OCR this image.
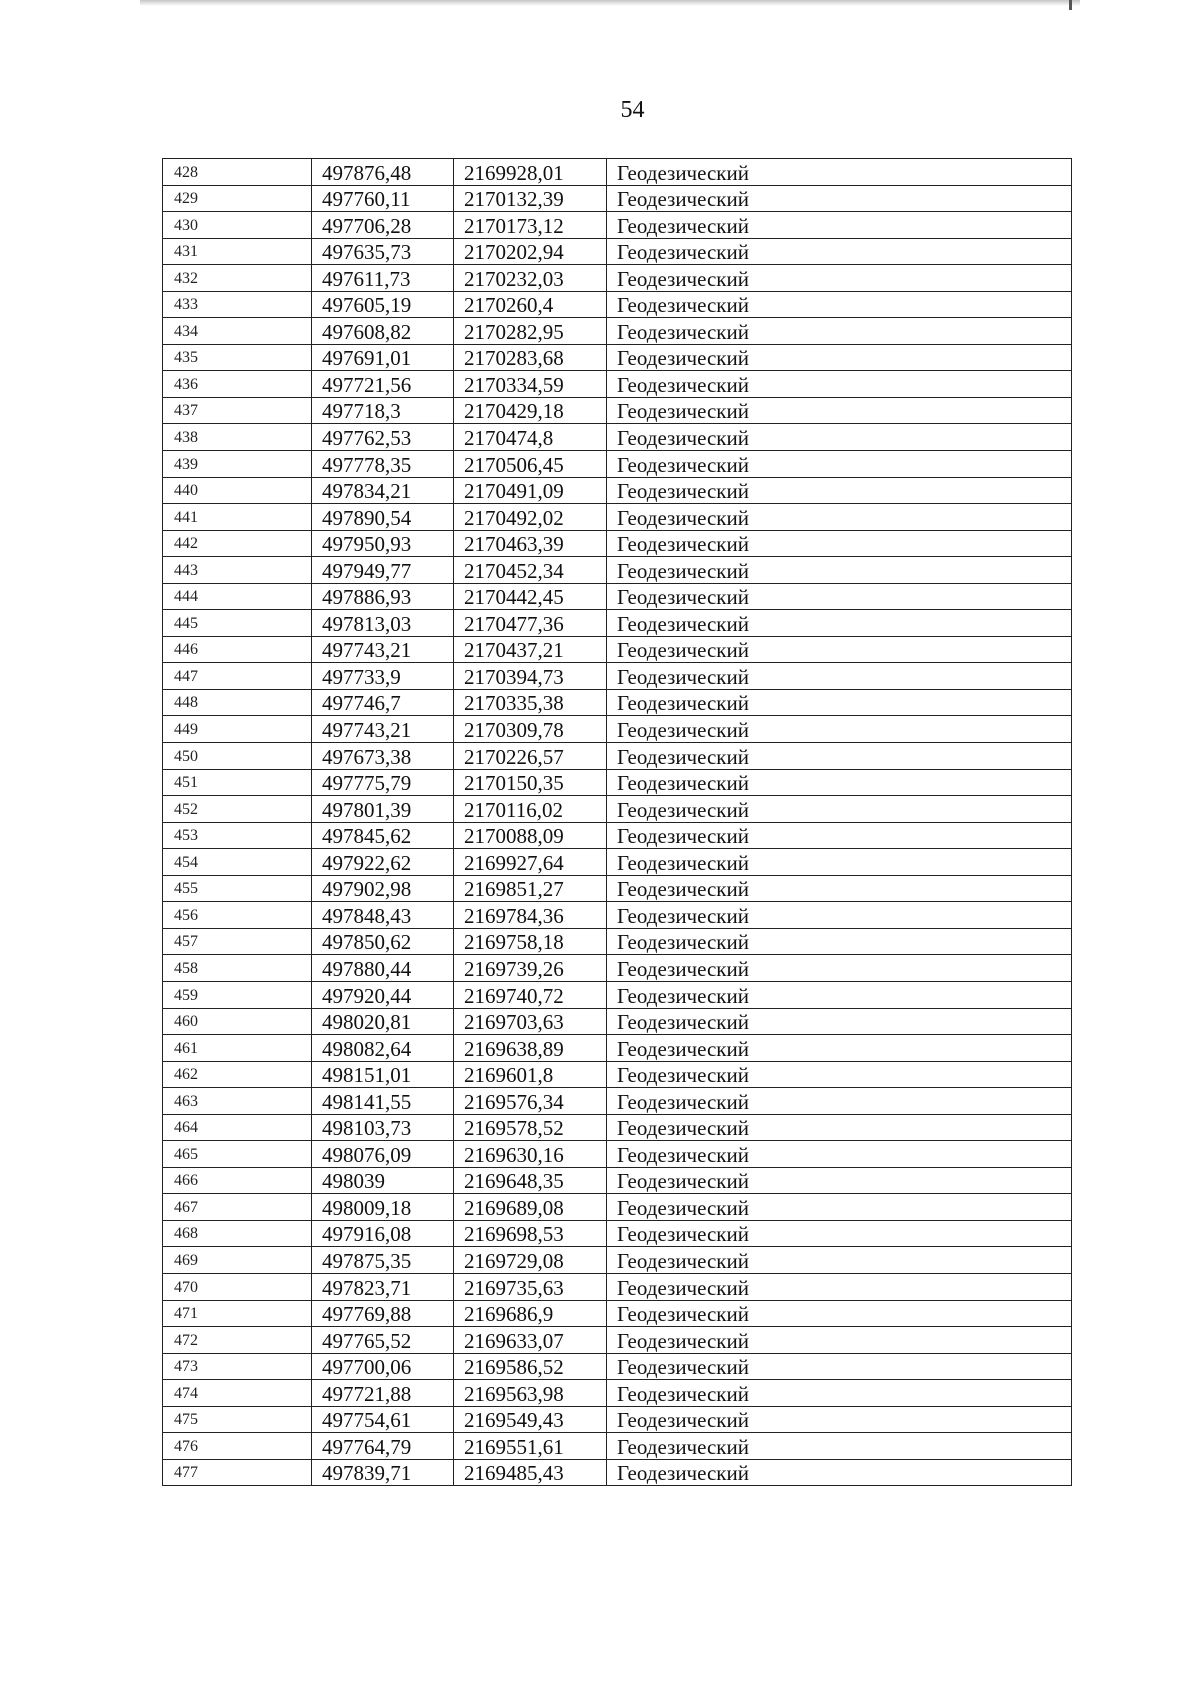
54
428	497876,48	2169928,01	Геодезический
429	497760,11	2170132,39	Геодезический
430	497706,28	2170173,12	Геодезический
431	497635,73	2170202,94	Геодезический
432	497611,73	2170232,03	Геодезический
433	497605,19	2170260,4	Геодезический
434	497608,82	2170282,95	Геодезический
435	497691,01	2170283,68	Геодезический
436	497721,56	2170334,59	Геодезический
437	497718,3	2170429,18	Геодезический
438	497762,53	2170474,8	Геодезический
439	497778,35	2170506,45	Геодезический
440	497834,21	2170491,09	Геодезический
441	497890,54	2170492,02	Геодезический
442	497950,93	2170463,39	Геодезический
443	497949,77	2170452,34	Геодезический
444	497886,93	2170442,45	Геодезический
445	497813,03	2170477,36	Геодезический
446	497743,21	2170437,21	Геодезический
447	497733,9	2170394,73	Геодезический
448	497746,7	2170335,38	Геодезический
449	497743,21	2170309,78	Геодезический
450	497673,38	2170226,57	Геодезический
451	497775,79	2170150,35	Геодезический
452	497801,39	2170116,02	Геодезический
453	497845,62	2170088,09	Геодезический
454	497922,62	2169927,64	Геодезический
455	497902,98	2169851,27	Геодезический
456	497848,43	2169784,36	Геодезический
457	497850,62	2169758,18	Геодезический
458	497880,44	2169739,26	Геодезический
459	497920,44	2169740,72	Геодезический
460	498020,81	2169703,63	Геодезический
461	498082,64	2169638,89	Геодезический
462	498151,01	2169601,8	Геодезический
463	498141,55	2169576,34	Геодезический
464	498103,73	2169578,52	Геодезический
465	498076,09	2169630,16	Геодезический
466	498039	2169648,35	Геодезический
467	498009,18	2169689,08	Геодезический
468	497916,08	2169698,53	Геодезический
469	497875,35	2169729,08	Геодезический
470	497823,71	2169735,63	Геодезический
471	497769,88	2169686,9	Геодезический
472	497765,52	2169633,07	Геодезический
473	497700,06	2169586,52	Геодезический
474	497721,88	2169563,98	Геодезический
475	497754,61	2169549,43	Геодезический
476	497764,79	2169551,61	Геодезический
477	497839,71	2169485,43	Геодезический
